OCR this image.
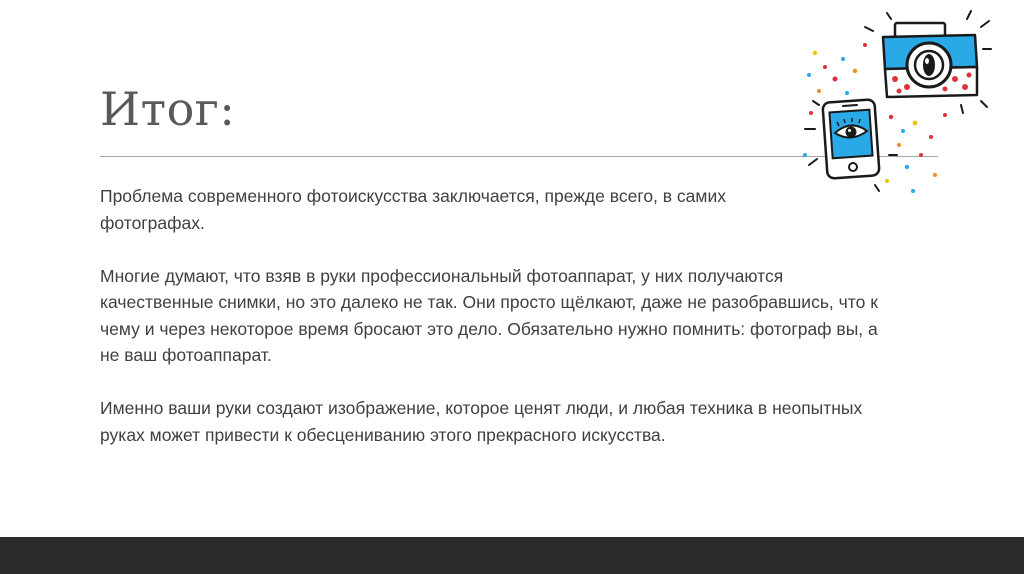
Итог:

Проблема современного фотоискусства заключается, прежде всего, в самих фотографах.

Многие думают, что взяв в руки профессиональный фотоаппарат, у них получаются качественные снимки, но это далеко не так. Они просто щёлкают, даже не разобравшись, что к чему и через некоторое время бросают это дело. Обязательно нужно помнить: фотограф вы, а не ваш фотоаппарат.

Именно ваши руки создают изображение, которое ценят люди, и любая техника в неопытных руках может привести к обесцениванию этого прекрасного искусства.
